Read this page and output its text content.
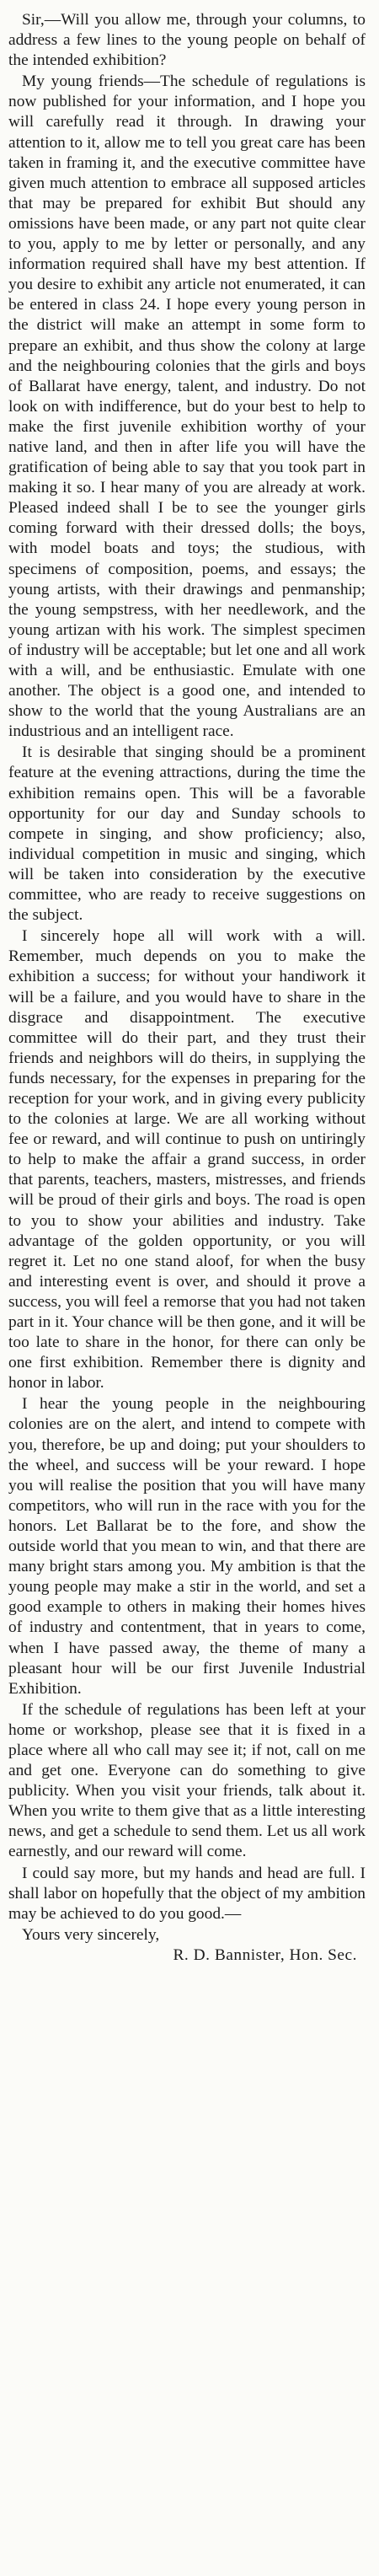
Sir,—Will you allow me, through your columns, to address a few lines to the young people on behalf of the intended exhibition?

My young friends—The schedule of regulations is now published for your information, and I hope you will carefully read it through. In drawing your attention to it, allow me to tell you great care has been taken in framing it, and the executive committee have given much attention to embrace all supposed articles that may be prepared for exhibit But should any omissions have been made, or any part not quite clear to you, apply to me by letter or personally, and any information required shall have my best attention. If you desire to exhibit any article not enumerated, it can be entered in class 24. I hope every young person in the district will make an attempt in some form to prepare an exhibit, and thus show the colony at large and the neighbouring colonies that the girls and boys of Ballarat have energy, talent, and industry. Do not look on with indifference, but do your best to help to make the first juvenile exhibition worthy of your native land, and then in after life you will have the gratification of being able to say that you took part in making it so. I hear many of you are already at work. Pleased indeed shall I be to see the younger girls coming forward with their dressed dolls; the boys, with model boats and toys; the studious, with specimens of composition, poems, and essays; the young artists, with their drawings and penmanship; the young sempstress, with her needlework, and the young artizan with his work. The simplest specimen of industry will be acceptable; but let one and all work with a will, and be enthusiastic. Emulate with one another. The object is a good one, and intended to show to the world that the young Australians are an industrious and an intelligent race.

It is desirable that singing should be a prominent feature at the evening attractions, during the time the exhibition remains open. This will be a favorable opportunity for our day and Sunday schools to compete in singing, and show proficiency; also, individual competition in music and singing, which will be taken into consideration by the executive committee, who are ready to receive suggestions on the subject.

I sincerely hope all will work with a will. Remember, much depends on you to make the exhibition a success; for without your handiwork it will be a failure, and you would have to share in the disgrace and disappointment. The executive committee will do their part, and they trust their friends and neighbors will do theirs, in supplying the funds necessary, for the expenses in preparing for the reception for your work, and in giving every publicity to the colonies at large. We are all working without fee or reward, and will continue to push on untiringly to help to make the affair a grand success, in order that parents, teachers, masters, mistresses, and friends will be proud of their girls and boys. The road is open to you to show your abilities and industry. Take advantage of the golden opportunity, or you will regret it. Let no one stand aloof, for when the busy and interesting event is over, and should it prove a success, you will feel a remorse that you had not taken part in it. Your chance will be then gone, and it will be too late to share in the honor, for there can only be one first exhibition. Remember there is dignity and honor in labor.

I hear the young people in the neighbouring colonies are on the alert, and intend to compete with you, therefore, be up and doing; put your shoulders to the wheel, and success will be your reward. I hope you will realise the position that you will have many competitors, who will run in the race with you for the honors. Let Ballarat be to the fore, and show the outside world that you mean to win, and that there are many bright stars among you. My ambition is that the young people may make a stir in the world, and set a good example to others in making their homes hives of industry and contentment, that in years to come, when I have passed away, the theme of many a pleasant hour will be our first Juvenile Industrial Exhibition.

If the schedule of regulations has been left at your home or workshop, please see that it is fixed in a place where all who call may see it; if not, call on me and get one. Everyone can do something to give publicity. When you visit your friends, talk about it. When you write to them give that as a little interesting news, and get a schedule to send them. Let us all work earnestly, and our reward will come.

I could say more, but my hands and head are full. I shall labor on hopefully that the object of my ambition may be achieved to do you good.—

Yours very sincerely,

R. D. Bannister, Hon. Sec.
